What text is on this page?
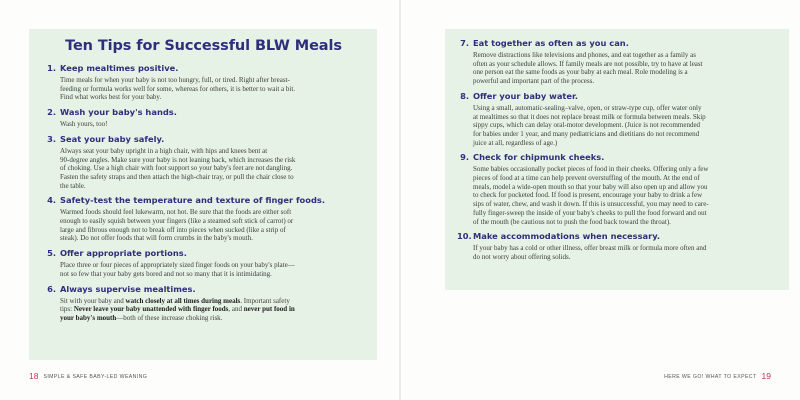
Ten Tips for Successful BLW Meals
1. Keep mealtimes positive.
Time meals for when your baby is not too hungry, full, or tired. Right after breast-
feeding or formula works well for some, whereas for others, it is better to wait a bit.
Find what works best for your baby.
2. Wash your baby's hands.
Wash yours, too!
3. Seat your baby safely.
Always seat your baby upright in a high chair, with hips and knees bent at
90-degree angles. Make sure your baby is not leaning back, which increases the risk
of choking. Use a high chair with foot support so your baby's feet are not dangling.
Fasten the safety straps and then attach the high-chair tray, or pull the chair close to
the table.
4. Safety-test the temperature and texture of finger foods.
Warmed foods should feel lukewarm, not hot. Be sure that the foods are either soft
enough to easily squish between your fingers (like a steamed soft stick of carrot) or
large and fibrous enough not to break off into pieces when sucked (like a strip of
steak). Do not offer foods that will form crumbs in the baby's mouth.
5. Offer appropriate portions.
Place three or four pieces of appropriately sized finger foods on your baby's plate—
not so few that your baby gets bored and not so many that it is intimidating.
6. Always supervise mealtimes.
Sit with your baby and watch closely at all times during meals. Important safety
tips: Never leave your baby unattended with finger foods, and never put food in
your baby's mouth—both of these increase choking risk.
7. Eat together as often as you can.
Remove distractions like televisions and phones, and eat together as a family as
often as your schedule allows. If family meals are not possible, try to have at least
one person eat the same foods as your baby at each meal. Role modeling is a
powerful and important part of the process.
8. Offer your baby water.
Using a small, automatic-sealing–valve, open, or straw-type cup, offer water only
at mealtimes so that it does not replace breast milk or formula between meals. Skip
sippy cups, which can delay oral-motor development. (Juice is not recommended
for babies under 1 year, and many pediatricians and dietitians do not recommend
juice at all, regardless of age.)
9. Check for chipmunk cheeks.
Some babies occasionally pocket pieces of food in their cheeks. Offering only a few
pieces of food at a time can help prevent overstuffing of the mouth. At the end of
meals, model a wide-open mouth so that your baby will also open up and allow you
to check for pocketed food. If food is present, encourage your baby to drink a few
sips of water, chew, and wash it down. If this is unsuccessful, you may need to care-
fully finger-sweep the inside of your baby's cheeks to pull the food forward and out
of the mouth (be cautious not to push the food back toward the throat).
10. Make accommodations when necessary.
If your baby has a cold or other illness, offer breast milk or formula more often and
do not worry about offering solids.
18 SIMPLE & SAFE BABY-LED WEANING	HERE WE GO! WHAT TO EXPECT 19
